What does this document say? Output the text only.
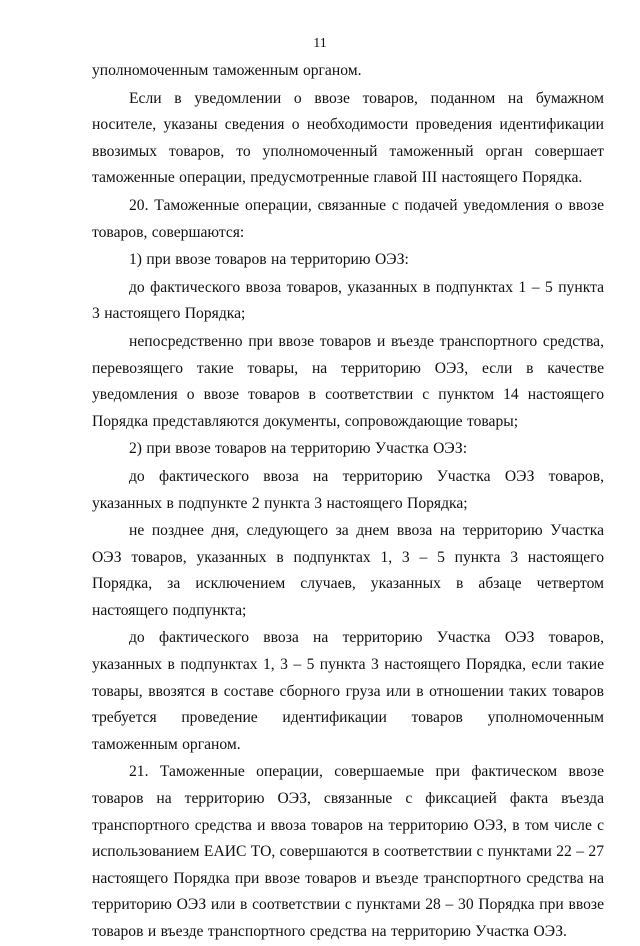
11

уполномоченным таможенным органом.

Если в уведомлении о ввозе товаров, поданном на бумажном носителе, указаны сведения о необходимости проведения идентификации ввозимых товаров, то уполномоченный таможенный орган совершает таможенные операции, предусмотренные главой III настоящего Порядка.

20. Таможенные операции, связанные с подачей уведомления о ввозе товаров, совершаются:

1) при ввозе товаров на территорию ОЭЗ:

до фактического ввоза товаров, указанных в подпунктах 1 – 5 пункта 3 настоящего Порядка;

непосредственно при ввозе товаров и въезде транспортного средства, перевозящего такие товары, на территорию ОЭЗ, если в качестве уведомления о ввозе товаров в соответствии с пунктом 14 настоящего Порядка представляются документы, сопровождающие товары;

2) при ввозе товаров на территорию Участка ОЭЗ:

до фактического ввоза на территорию Участка ОЭЗ товаров, указанных в подпункте 2 пункта 3 настоящего Порядка;

не позднее дня, следующего за днем ввоза на территорию Участка ОЭЗ товаров, указанных в подпунктах 1, 3 – 5 пункта 3 настоящего Порядка, за исключением случаев, указанных в абзаце четвертом настоящего подпункта;

до фактического ввоза на территорию Участка ОЭЗ товаров, указанных в подпунктах 1, 3 – 5 пункта 3 настоящего Порядка, если такие товары, ввозятся в составе сборного груза или в отношении таких товаров требуется проведение идентификации товаров уполномоченным таможенным органом.

21. Таможенные операции, совершаемые при фактическом ввозе товаров на территорию ОЭЗ, связанные с фиксацией факта въезда транспортного средства и ввоза товаров на территорию ОЭЗ, в том числе с использованием ЕАИС ТО, совершаются в соответствии с пунктами 22 – 27 настоящего Порядка при ввозе товаров и въезде транспортного средства на территорию ОЭЗ или в соответствии с пунктами 28 – 30 Порядка при ввозе товаров и въезде транспортного средства на территорию Участка ОЭЗ.
